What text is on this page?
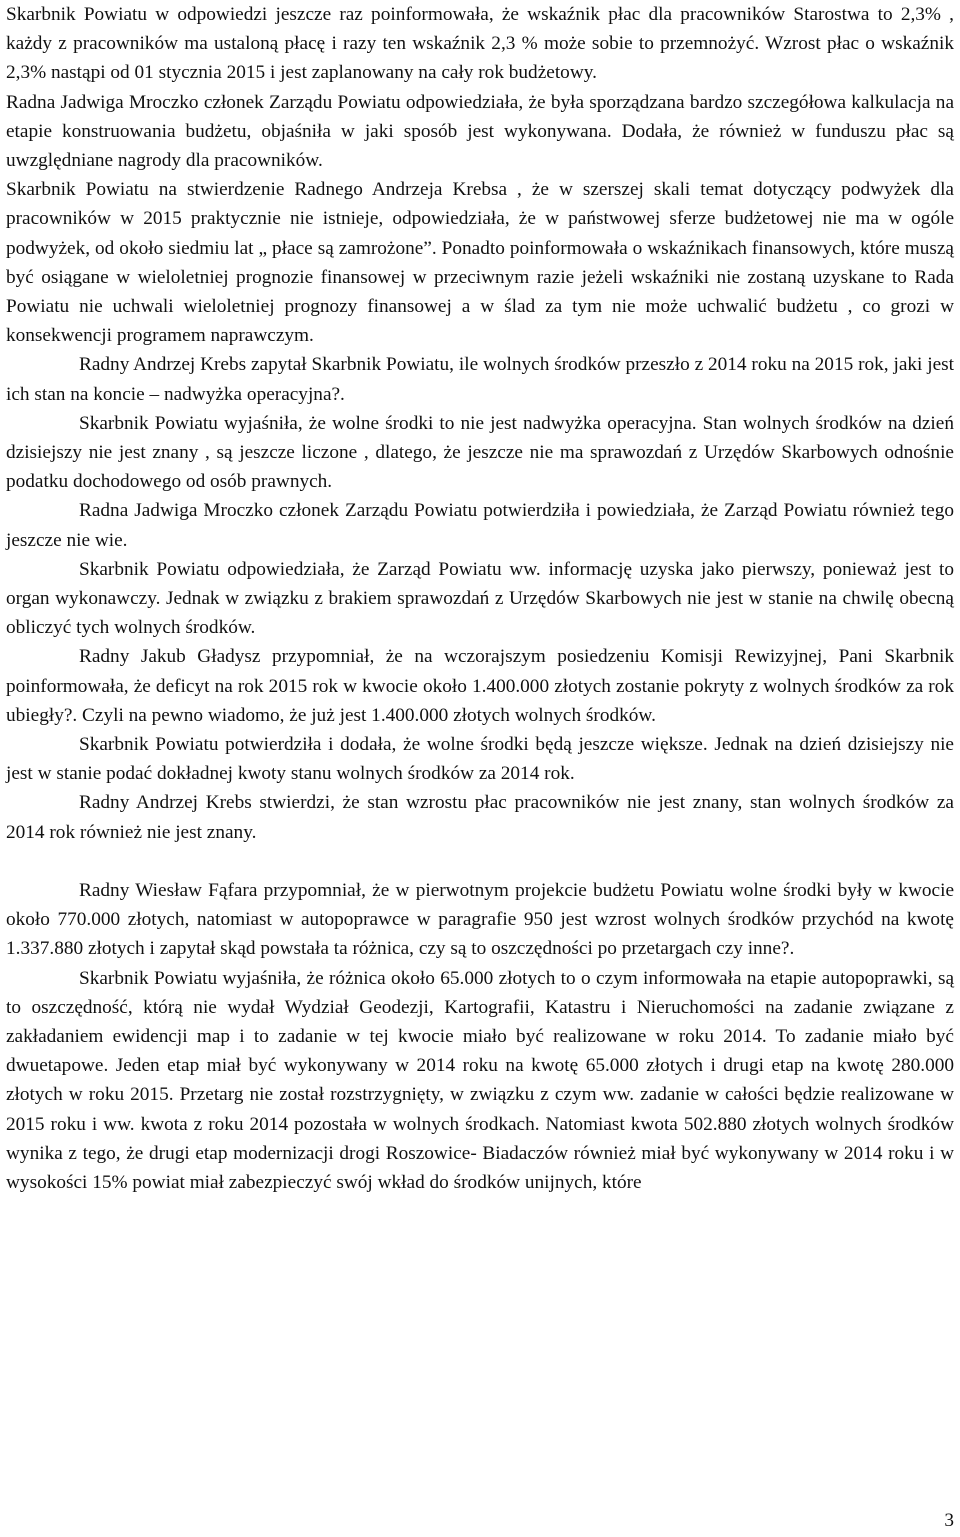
Skarbnik Powiatu w odpowiedzi jeszcze raz poinformowała, że wskaźnik płac dla pracowników Starostwa to 2,3% , każdy z pracowników ma ustaloną płacę i razy ten wskaźnik 2,3 % może sobie to przemnożyć. Wzrost płac o wskaźnik 2,3% nastąpi od 01 stycznia 2015 i jest zaplanowany na cały rok budżetowy.

Radna Jadwiga Mroczko członek Zarządu Powiatu odpowiedziała, że była sporządzana bardzo szczegółowa kalkulacja na etapie konstruowania budżetu, objaśniła w jaki sposób jest wykonywana. Dodała, że również w funduszu płac są uwzględniane nagrody dla pracowników.

Skarbnik Powiatu na stwierdzenie Radnego Andrzeja Krebsa , że w szerszej skali temat dotyczący podwyżek dla pracowników w 2015 praktycznie nie istnieje, odpowiedziała, że w państwowej sferze budżetowej nie ma w ogóle podwyżek, od około siedmiu lat „ płace są zamrożone”. Ponadto poinformowała o wskaźnikach finansowych, które muszą być osiągane w wieloletniej prognozie finansowej w przeciwnym razie jeżeli wskaźniki nie zostaną uzyskane to Rada Powiatu nie uchwali wieloletniej prognozy finansowej a w ślad za tym nie może uchwalić budżetu , co grozi w konsekwencji programem naprawczym.

Radny Andrzej Krebs zapytał Skarbnik Powiatu, ile wolnych środków przeszło z 2014 roku na 2015 rok, jaki jest ich stan na koncie – nadwyżka operacyjna?.

Skarbnik Powiatu wyjaśniła, że wolne środki to nie jest nadwyżka operacyjna. Stan wolnych środków na dzień dzisiejszy nie jest znany , są jeszcze liczone , dlatego, że jeszcze nie ma sprawozdań z Urzędów Skarbowych odnośnie podatku dochodowego od osób prawnych.

Radna Jadwiga Mroczko członek Zarządu Powiatu potwierdziła i powiedziała, że Zarząd Powiatu również tego jeszcze nie wie.

Skarbnik Powiatu odpowiedziała, że Zarząd Powiatu ww. informację uzyska jako pierwszy, ponieważ jest to organ wykonawczy. Jednak w związku z brakiem sprawozdań z Urzędów Skarbowych nie jest w stanie na chwilę obecną obliczyć tych wolnych środków.

Radny Jakub Gładysz przypomniał, że na wczorajszym posiedzeniu Komisji Rewizyjnej, Pani Skarbnik poinformowała, że deficyt na rok 2015 rok w kwocie około 1.400.000 złotych zostanie pokryty z wolnych środków za rok ubiegły?. Czyli na pewno wiadomo, że już jest 1.400.000 złotych wolnych środków.

Skarbnik Powiatu potwierdziła i dodała, że wolne środki będą jeszcze większe. Jednak na dzień dzisiejszy nie jest w stanie podać dokładnej kwoty stanu wolnych środków za 2014 rok.

Radny Andrzej Krebs stwierdzi, że stan wzrostu płac pracowników nie jest znany, stan wolnych środków za 2014 rok również nie jest znany.

Radny Wiesław Fąfara przypomniał, że w pierwotnym projekcie budżetu Powiatu wolne środki były w kwocie około 770.000 złotych, natomiast w autopoprawce w paragrafie 950 jest wzrost wolnych środków przychód na kwotę 1.337.880 złotych i zapytał skąd powstała ta różnica, czy są to oszczędności po przetargach czy inne?.

Skarbnik Powiatu wyjaśniła, że różnica około 65.000 złotych to o czym informowała na etapie autopoprawki, są to oszczędność, którą nie wydał Wydział Geodezji, Kartografii, Katastru i Nieruchomości na zadanie związane z zakładaniem ewidencji map i to zadanie w tej kwocie miało być realizowane w roku 2014. To zadanie miało być dwuetapowe. Jeden etap miał być wykonywany w 2014 roku na kwotę 65.000 złotych i drugi etap na kwotę 280.000 złotych w roku 2015. Przetarg nie został rozstrzygnięty, w związku z czym ww. zadanie w całości będzie realizowane w 2015 roku i ww. kwota z roku 2014 pozostała w wolnych środkach. Natomiast kwota 502.880 złotych wolnych środków wynika z tego, że drugi etap modernizacji drogi Roszowice- Biadaczów również miał być wykonywany w 2014 roku i w wysokości 15% powiat miał zabezpieczyć swój wkład do środków unijnych, które

3
